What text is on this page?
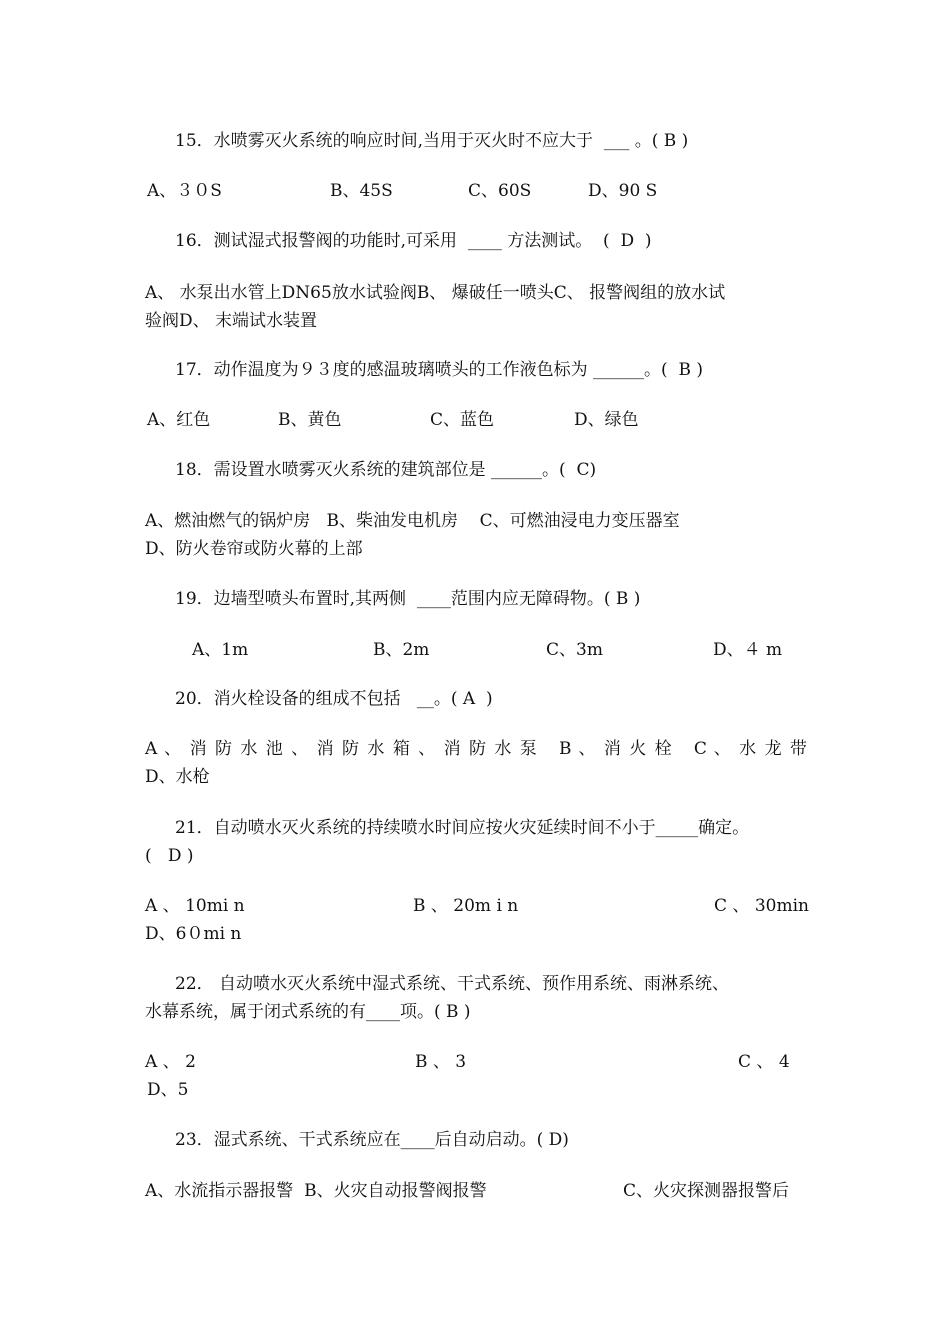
15．水喷雾灭火系统的响应时间,当用于灭火时不应大于  ___ 。( B )
A、３０S	B、45S	C、60S	D、90 S
16．测试湿式报警阀的功能时,可采用  ____ 方法测试。  (  D  )
A、 水泵出水管上DN65放水试验阀B、 爆破任一喷头C、 报警阀组的放水试
验阀D、 末端试水装置
17．动作温度为９３度的感温玻璃喷头的工作液色标为 ______。(  B )
A、红色	B、黄色	C、蓝色	D、绿色
18．需设置水喷雾灭火系统的建筑部位是 ______。(  C)
A、燃油燃气的锅炉房   B、柴油发电机房    C、可燃油浸电力变压器室
D、防火卷帘或防火幕的上部
19．边墙型喷头布置时,其两侧  ____范围内应无障碍物。( B )
A、1m	B、2m	C、3m	D、４ m
20．消火栓设备的组成不包括   __。( A  )
A 、 消 防 水 池 、 消 防 水 箱 、 消 防 水 泵   B 、 消 火 栓   C 、 水 龙 带
D、水枪
21．自动喷水灭火系统的持续喷水时间应按火灾延续时间不小于_____确定。
(   D )
A 、 10mi n	B 、 20m i n	C 、 30min
D、6０mi n
22． 自动喷水灭火系统中湿式系统、干式系统、预作用系统、雨淋系统、
水幕系统，属于闭式系统的有____项。( B )
A 、 2	B 、 3	C 、 4
D、5
23．湿式系统、干式系统应在____后自动启动。( D)
A、水流指示器报警  B、火灾自动报警阀报警	C、火灾探测器报警后
